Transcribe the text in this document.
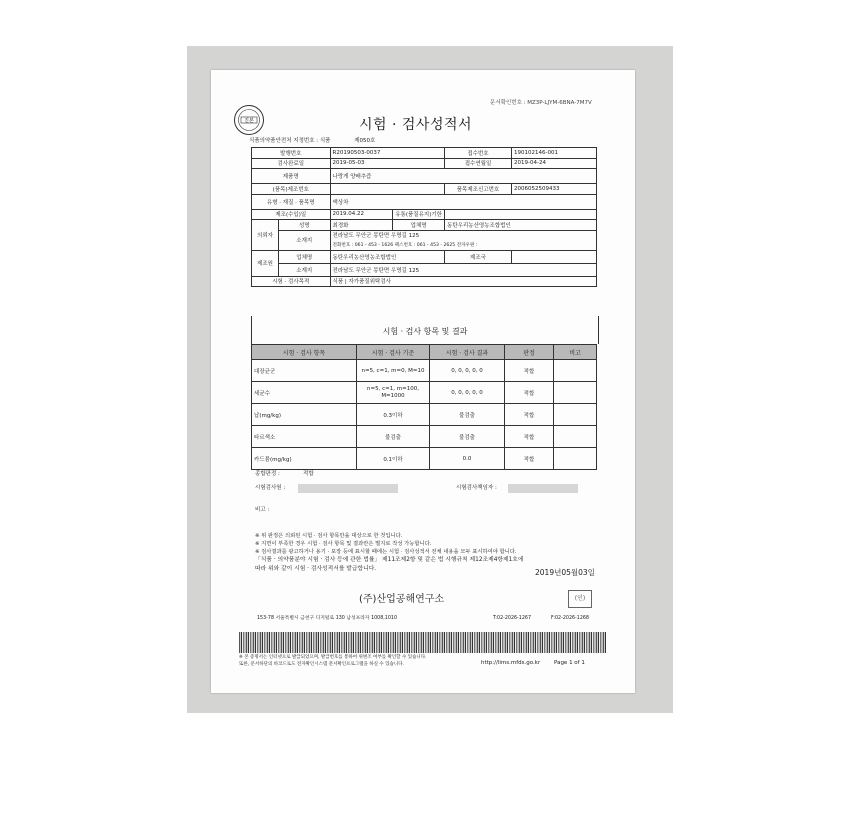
진본
문서확인번호 : MZ3P-LJYM-6BNA-7M7V
시험 · 검사성적서
식품의약품안전처 지정번호 : 식품	제050호
발행번호		R20190503-0037		접수번호	190102146-001
검사완료일		2019-05-03		접수연월일	2019-04-24
제품명		나랑게 양배추즙			
(품목)제조번호				품목제조신고번호	2006052509433
유형 · 재질 · 품목명		액상차			
제조(수입)일		2019.04.22	유통(품질유지)기한		
의뢰자	성명	최경화	업체명	동탄우리농산영농조합법인	
	소재지	전라남도 무안군 몽탄면 우명길 125			
		전화번호 : 061 - 453 - 1626 팩스번호 : 061 - 453 - 2625 전자우편 :			
제조원	업체명	동탄우리농산영농조합법인		제조국	
	소재지	전라남도 무안군 몽탄면 우명길 125			
시험 · 검사목적		식품 | 자가품질위탁검사			
시험 · 검사 항목 및 결과
시험 · 검사 항목	시험 · 검사 기준	시험 · 검사 결과	판정	비고
대장균군	n=5, c=1, m=0, M=10	0, 0, 0, 0, 0	적합	
세균수	n=5, c=1, m=100, M=1000	0, 0, 0, 0, 0	적합	
납(mg/kg)	0.3이하	불검출	적합	
타르색소	불검출	불검출	적합	
카드뮴(mg/kg)	0.1이하	0.0	적합	
종합판정 :	적합
시험검사원 :	시험검사책임자 :
비고 :
※ 위 판정은 의뢰된 시험 · 검사 항목만을 대상으로 한 것입니다.
※ 지면이 부족한 경우 시험 · 검사 항목 및 결과란은 별지로 작성 가능합니다.
※ 검사결과를 광고하거나 용기 · 포장 등에 표시할 때에는 시험 · 검사성적서 전체 내용을 모두 표시하여야 합니다.
「식품 · 의약품분야 시험 · 검사 등에 관한 법률」 제11조제2항 및 같은 법 시행규칙 제12조제4항제1호에
따라 위와 같이 시험 · 검사성적서를 발급합니다.	2019년05월03일
(주)산업공해연구소	(인)
153-78 서울특별시 금천구 디지털로 130 남성프라자 1008,1010	T:02-2026-1267	F:02-2026-1268
※ 본 증명서는 인터넷으로 발급되었으며, 발급번호를 통하여 위변조 여부를 확인할 수 있습니다.
또한, 문서하단의 바코드로도 전자확인시스템 문서확인프로그램을 하실 수 있습니다.	http://lims.mfds.go.kr	Page 1 of 1
